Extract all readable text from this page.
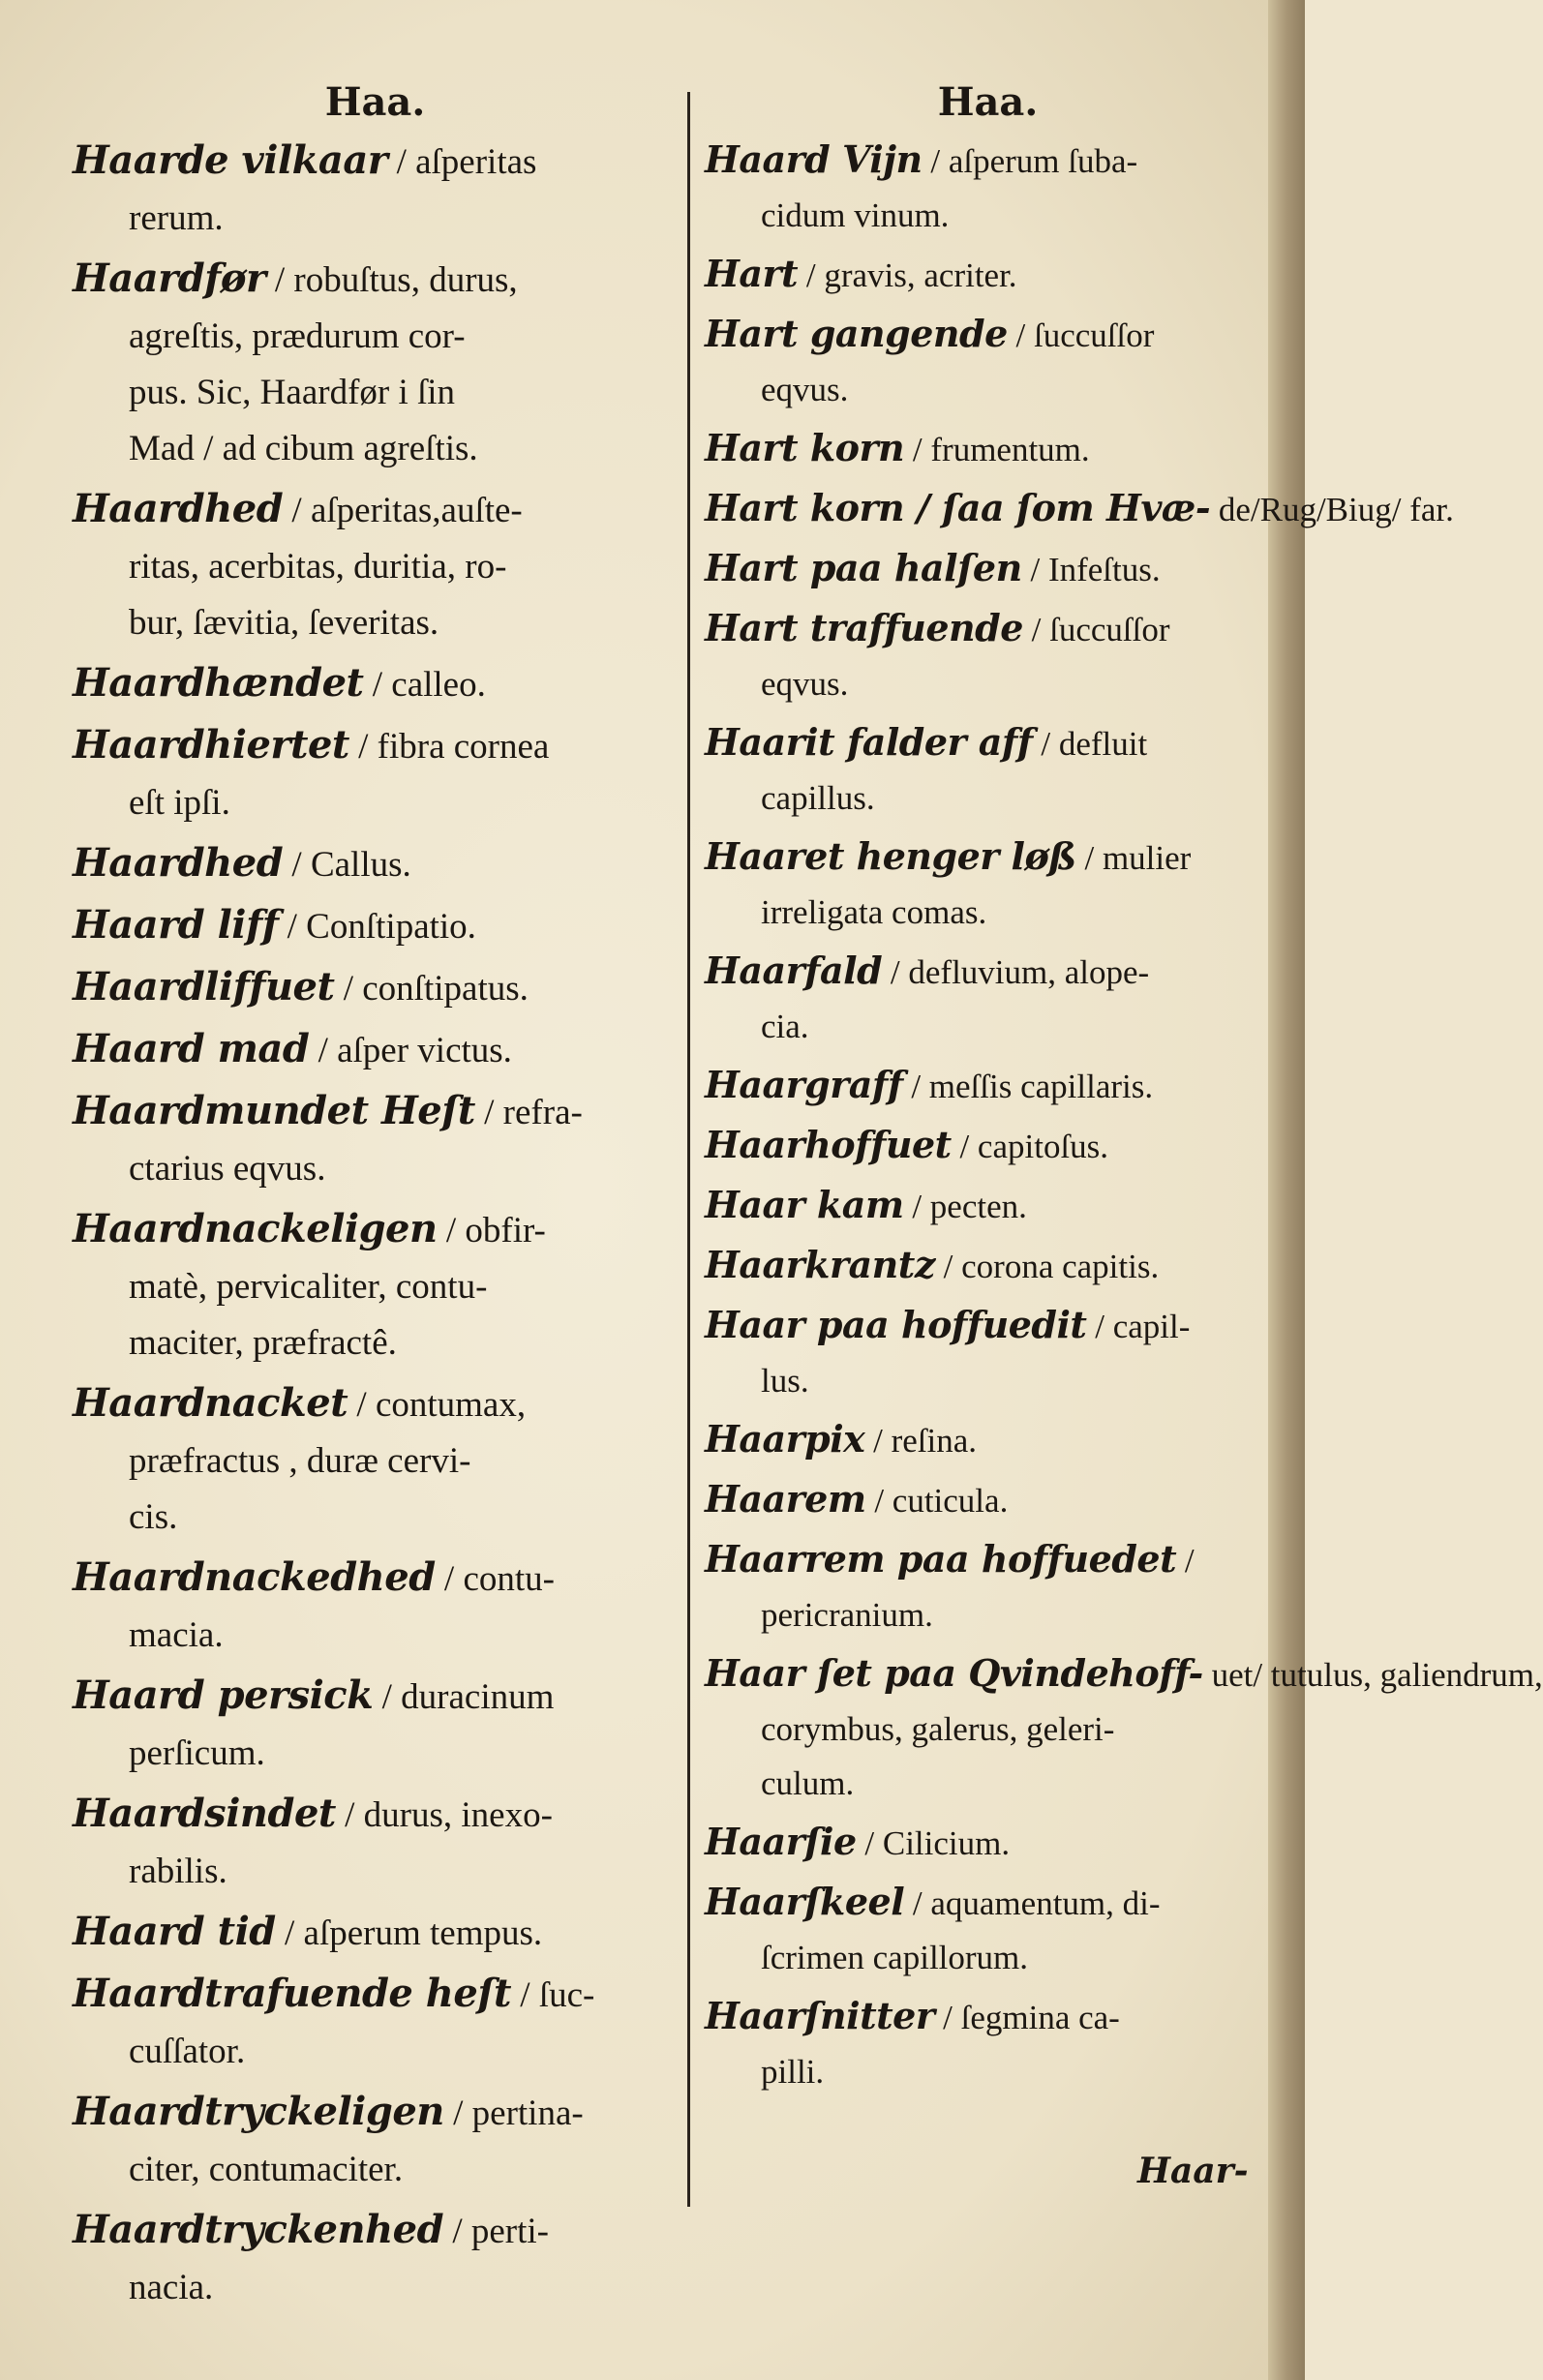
Haa.
Haarde vilkaar / aſperitas
rerum.
Haardfør / robuſtus, durus,
agreſtis, prædurum cor-
pus. Sic, Haardfør i ſin
Mad / ad cibum agreſtis.
Haardhed / aſperitas,auſte-
ritas, acerbitas, duritia, ro-
bur, ſævitia, ſeveritas.
Haardhændet / calleo.
Haardhiertet / fibra cornea
eſt ipſi.
Haardhed / Callus.
Haard liff / Conſtipatio.
Haardliffuet / conſtipatus.
Haard mad / aſper victus.
Haardmundet Heſt / refra-
ctarius eqvus.
Haardnackeligen / obfir-
matè, pervicaliter, contu-
maciter, præfractê.
Haardnacket / contumax,
præfractus , duræ cervi-
cis.
Haardnackedhed / contu-
macia.
Haard persick / duracinum
perſicum.
Haardsindet / durus, inexo-
rabilis.
Haard tid / aſperum tempus.
Haardtrafuende heſt / ſuc-
cuſſator.
Haardtryckeligen / pertina-
citer, contumaciter.
Haardtryckenhed / perti-
nacia.
Haa.
Haard Vijn / aſperum ſuba-
cidum vinum.
Hart / gravis, acriter.
Hart gangende / ſuccuſſor
eqvus.
Hart korn / frumentum.
Hart korn / ſaa ſom Hvæ- de/Rug/Biug/ far.
Hart paa halſen / Infeſtus.
Hart traffuende / ſuccuſſor
eqvus.
Haarit falder aff / defluit
capillus.
Haaret henger løß / mulier
irreligata comas.
Haarfald / defluvium, alope-
cia.
Haargraff / meſſis capillaris.
Haarhoffuet / capitoſus.
Haar kam / pecten.
Haarkrantz / corona capitis.
Haar paa hoffuedit / capil-
lus.
Haarpix / reſina.
Haarem / cuticula.
Haarrem paa hoffuedet /
pericranium.
Haar ſet paa Qvindehoff- uet/ tutulus, galiendrum,
corymbus, galerus, geleri-
culum.
Haarſie / Cilicium.
Haarſkeel / aquamentum, di-
ſcrimen capillorum.
Haarſnitter / ſegmina ca-
pilli.
Haar-
